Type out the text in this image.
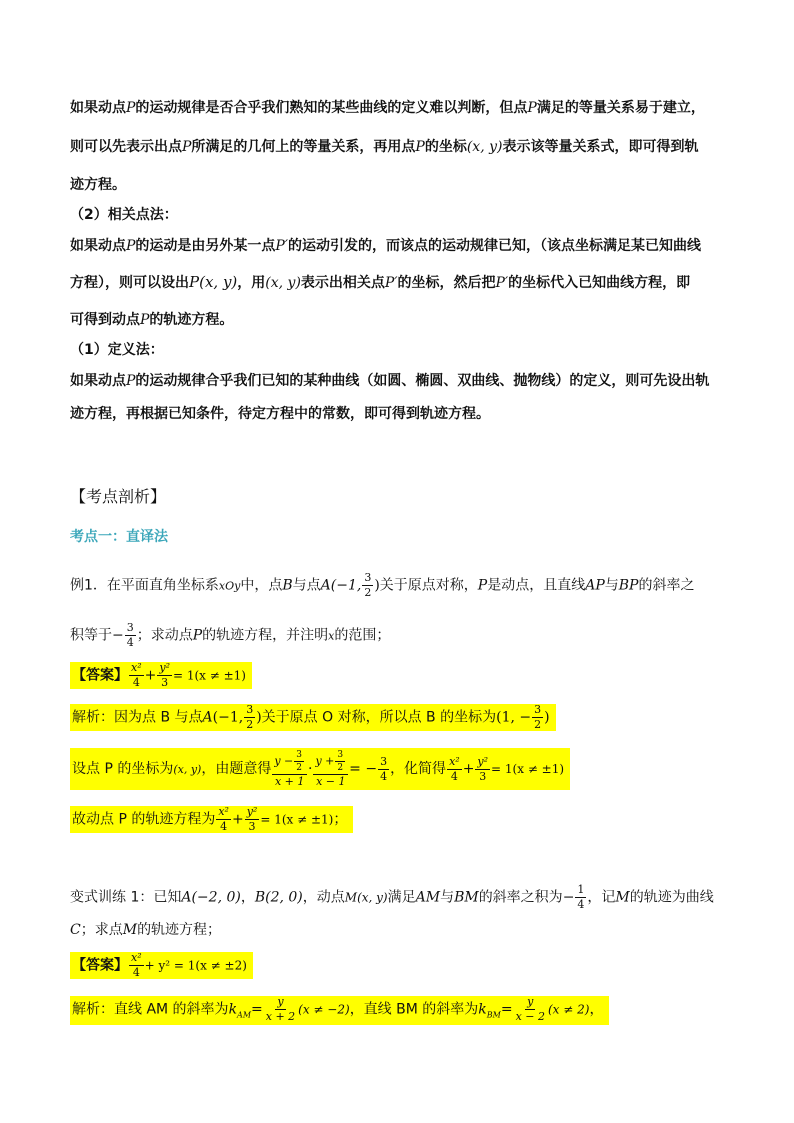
如果动点P的运动规律是否合乎我们熟知的某些曲线的定义难以判断，但点P满足的等量关系易于建立，
则可以先表示出点P所满足的几何上的等量关系，再用点P的坐标(x, y)表示该等量关系式，即可得到轨
迹方程。
（2）相关点法：
如果动点P的运动是由另外某一点P′的运动引发的，而该点的运动规律已知，（该点坐标满足某已知曲线
方程），则可以设出P(x, y)，用(x, y)表示出相关点P′的坐标，然后把P′的坐标代入已知曲线方程，即
可得到动点P的轨迹方程。
（1）定义法：
如果动点P的运动规律合乎我们已知的某种曲线（如圆、椭圆、双曲线、抛物线）的定义，则可先设出轨
迹方程，再根据已知条件，待定方程中的常数，即可得到轨迹方程。
【考点剖析】
考点一：直译法
例1．在平面直角坐标系xOy中，点B与点A(−1, $\frac{3}{2}$ )关于原点对称，P是动点，且直线AP与BP的斜率之
积等于− $\frac{3}{4}$ ；求动点P的轨迹方程，并注明x的范围；
【答案】 $\frac{\text{x²}}{4} + \frac{\text{y²}}{3} = 1(x \ne \pm 1)$
解析：因为点 B 与点A(−1, $\frac{3}{2}$ )关于原点 O 对称，所以点 B 的坐标为(1, − $\frac{3}{2}$ )
设点 P 的坐标为(x, y)，由题意得 $\frac{y - \frac{3}{2}}{x + 1} \cdot \frac{y + \frac{3}{2}}{x - 1}$ = − $\frac{3}{4}$ ，化简得 $\frac{\text{x²}}{4} + \frac{\text{y²}}{3} = 1(x \ne \pm 1)$
故动点 P 的轨迹方程为 $\frac{\text{x²}}{4} + \frac{\text{y²}}{3} = 1(x \ne \pm 1)$；
变式训练 1：已知A(−2, 0)，B(2, 0)，动点M(x, y)满足AM与BM的斜率之积为− $\frac{1}{4}$ ，记M的轨迹为曲线
C；求点M的轨迹方程；
【答案】 $\frac{\text{x²}}{4} + y^2 = 1(x \ne \pm 2)$
解析：直线 AM 的斜率为$k_{AM}= \frac{y}{x + 2} (x \ne -2)$，直线 BM 的斜率为$k_{BM}= \frac{y}{x - 2} (x \ne 2)$，
